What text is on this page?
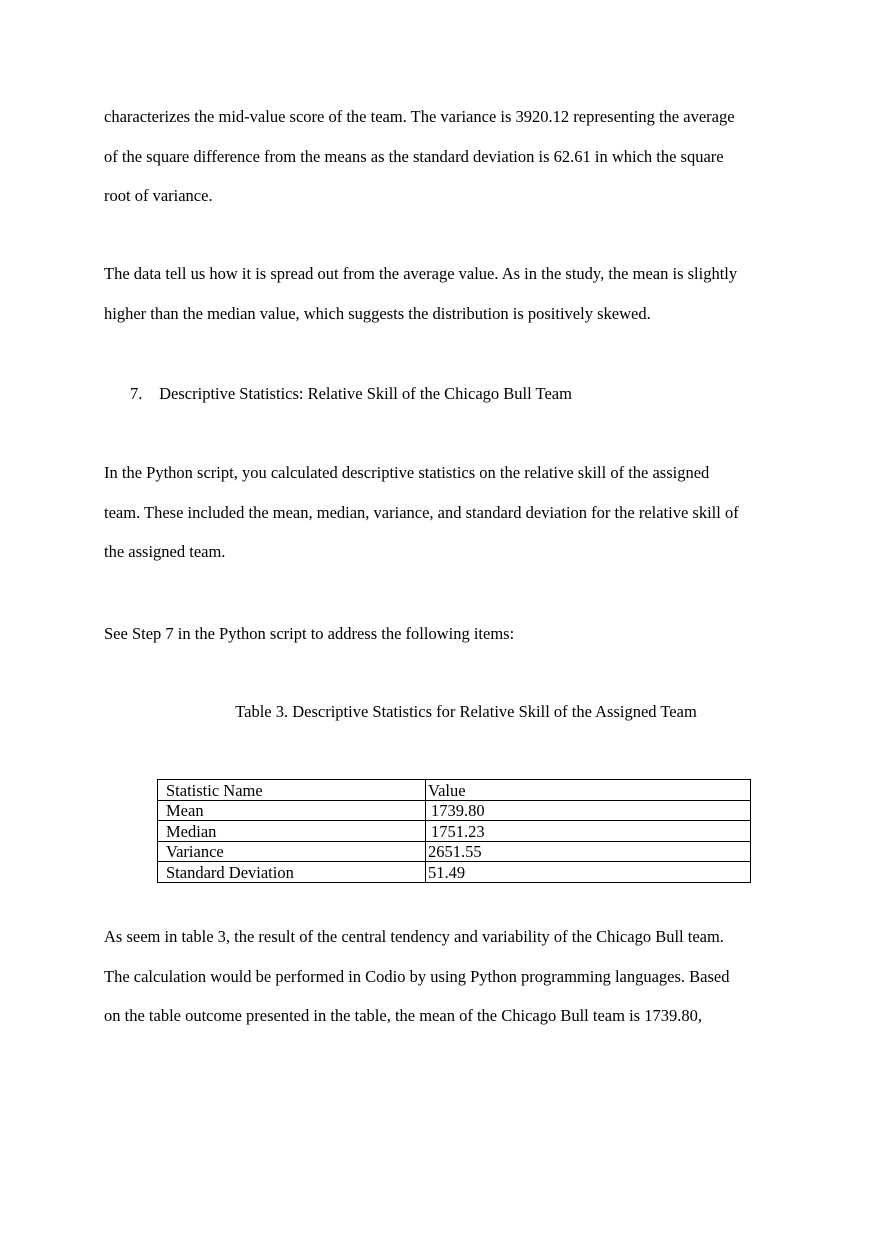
characterizes the mid-value score of the team. The variance is 3920.12 representing the average
of the square difference from the means as the standard deviation is 62.61 in which the square
root of variance.

The data tell us how it is spread out from the average value. As in the study, the mean is slightly
higher than the median value, which suggests the distribution is positively skewed.

7. Descriptive Statistics: Relative Skill of the Chicago Bull Team

In the Python script, you calculated descriptive statistics on the relative skill of the assigned
team. These included the mean, median, variance, and standard deviation for the relative skill of
the assigned team.

See Step 7 in the Python script to address the following items:

Table 3. Descriptive Statistics for Relative Skill of the Assigned Team

Statistic Name	Value
Mean	1739.80
Median	1751.23
Variance	2651.55
Standard Deviation	51.49

As seem in table 3, the result of the central tendency and variability of the Chicago Bull team.
The calculation would be performed in Codio by using Python programming languages. Based
on the table outcome presented in the table, the mean of the Chicago Bull team is 1739.80,
